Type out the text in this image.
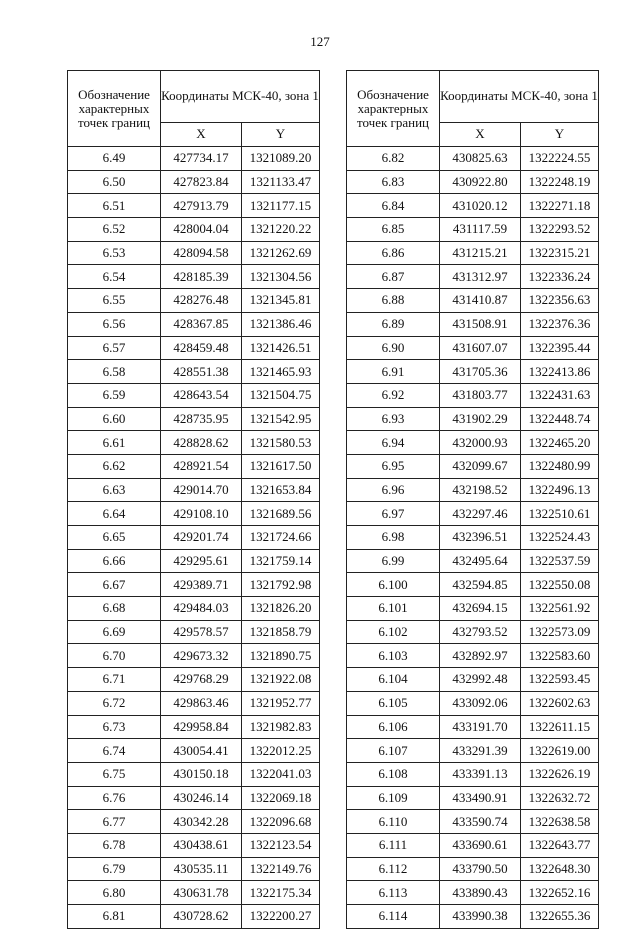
127
Обозначение характерных точек границ	Координаты МСК-40, зона 1	
	X	Y
6.49	427734.17	1321089.20
6.50	427823.84	1321133.47
6.51	427913.79	1321177.15
6.52	428004.04	1321220.22
6.53	428094.58	1321262.69
6.54	428185.39	1321304.56
6.55	428276.48	1321345.81
6.56	428367.85	1321386.46
6.57	428459.48	1321426.51
6.58	428551.38	1321465.93
6.59	428643.54	1321504.75
6.60	428735.95	1321542.95
6.61	428828.62	1321580.53
6.62	428921.54	1321617.50
6.63	429014.70	1321653.84
6.64	429108.10	1321689.56
6.65	429201.74	1321724.66
6.66	429295.61	1321759.14
6.67	429389.71	1321792.98
6.68	429484.03	1321826.20
6.69	429578.57	1321858.79
6.70	429673.32	1321890.75
6.71	429768.29	1321922.08
6.72	429863.46	1321952.77
6.73	429958.84	1321982.83
6.74	430054.41	1322012.25
6.75	430150.18	1322041.03
6.76	430246.14	1322069.18
6.77	430342.28	1322096.68
6.78	430438.61	1322123.54
6.79	430535.11	1322149.76
6.80	430631.78	1322175.34
6.81	430728.62	1322200.27
Обозначение характерных точек границ	Координаты МСК-40, зона 1	
	X	Y
6.82	430825.63	1322224.55
6.83	430922.80	1322248.19
6.84	431020.12	1322271.18
6.85	431117.59	1322293.52
6.86	431215.21	1322315.21
6.87	431312.97	1322336.24
6.88	431410.87	1322356.63
6.89	431508.91	1322376.36
6.90	431607.07	1322395.44
6.91	431705.36	1322413.86
6.92	431803.77	1322431.63
6.93	431902.29	1322448.74
6.94	432000.93	1322465.20
6.95	432099.67	1322480.99
6.96	432198.52	1322496.13
6.97	432297.46	1322510.61
6.98	432396.51	1322524.43
6.99	432495.64	1322537.59
6.100	432594.85	1322550.08
6.101	432694.15	1322561.92
6.102	432793.52	1322573.09
6.103	432892.97	1322583.60
6.104	432992.48	1322593.45
6.105	433092.06	1322602.63
6.106	433191.70	1322611.15
6.107	433291.39	1322619.00
6.108	433391.13	1322626.19
6.109	433490.91	1322632.72
6.110	433590.74	1322638.58
6.111	433690.61	1322643.77
6.112	433790.50	1322648.30
6.113	433890.43	1322652.16
6.114	433990.38	1322655.36
